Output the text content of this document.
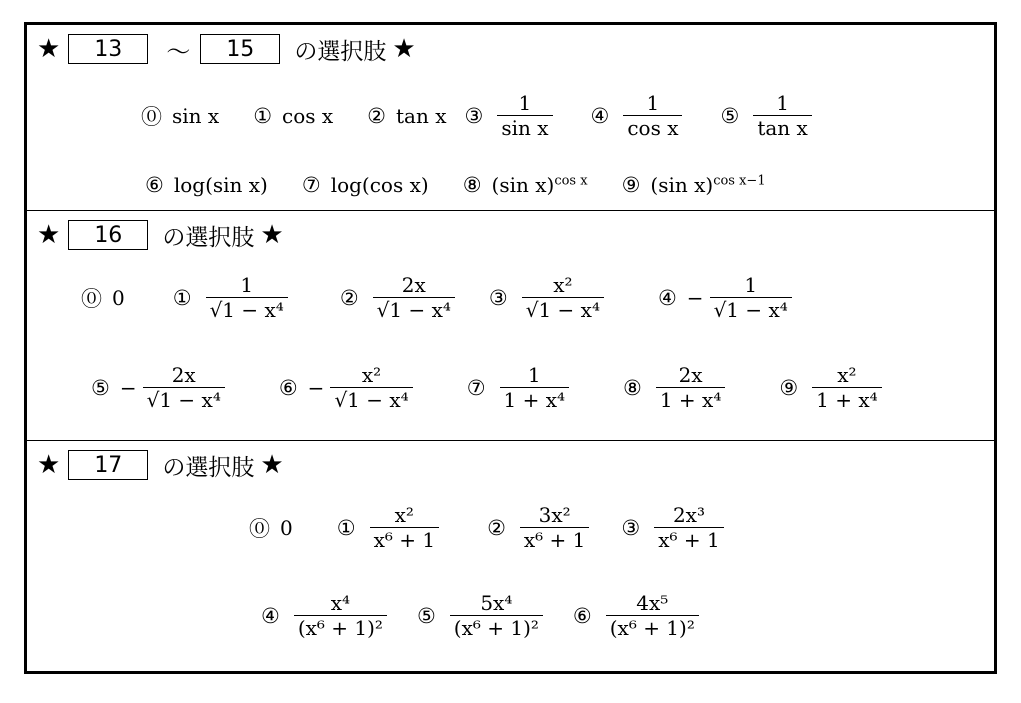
★	13	〜	15	の選択肢 ★
⓪ sin x ① cos x ② tan x ③ $\frac{1}{\text{sin x}}$ ④ $\frac{1}{\text{cos x}}$ ⑤ $\frac{1}{\text{tan x}}$
⑥ log(sin x) ⑦ log(cos x) ⑧ (sin x)$^{cos x}$ ⑨ (sin x)$^{cos x-1}$
★	16	の選択肢 ★
⓪ 0 ① $\frac{1}{\text{√1 − x⁴}}$ ② $\frac{2x}{\text{√1 − x⁴}}$ ③ $\frac{\text{x²}}{\text{√1 − x⁴}}$	④ − $\frac{1}{\text{√1 − x⁴}}$
⑤ − $\frac{2x}{\text{√1 − x⁴}}$	⑥ − $\frac{\text{x²}}{\text{√1 − x⁴}}$	⑦ $\frac{1}{\text{1 + x⁴}}$	⑧ $\frac{2x}{\text{1 + x⁴}}$	⑨ $\frac{\text{x²}}{\text{1 + x⁴}}$
★	17	の選択肢 ★
⓪ 0 ① $\frac{\text{x²}}{\text{x⁶ + 1}}$ ② $\frac{\text{3x²}}{\text{x⁶ + 1}}$ ③ $\frac{\text{2x³}}{\text{x⁶ + 1}}$
④ $\frac{\text{x⁴}}{\text{(x⁶ + 1)²}}$ ⑤ $\frac{\text{5x⁴}}{\text{(x⁶ + 1)²}}$ ⑥ $\frac{\text{4x⁵}}{\text{(x⁶ + 1)²}}$
